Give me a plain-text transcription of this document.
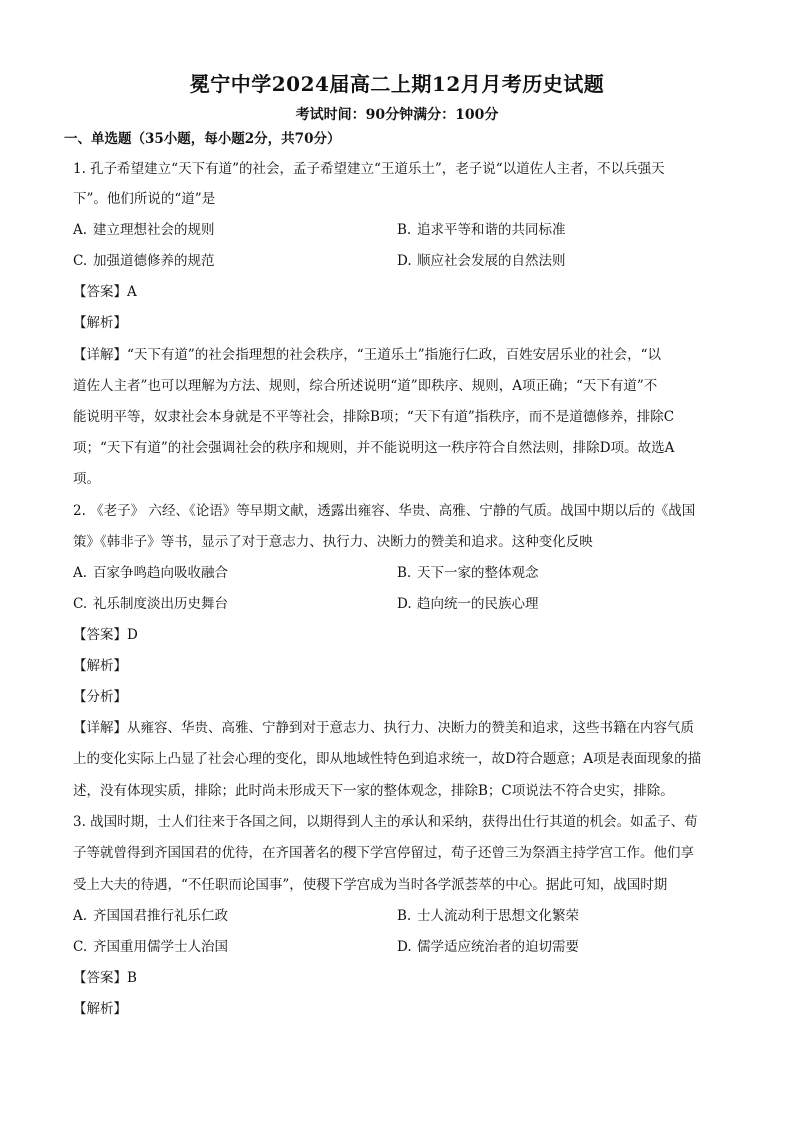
冕宁中学2024届高二上期12月月考历史试题
考试时间：90分钟满分：100分
一、单选题（35小题，每小题2分，共70分）
1. 孔子希望建立“天下有道”的社会，孟子希望建立“王道乐土”，老子说“以道佐人主者，不以兵强天
下”。他们所说的“道”是
A. 建立理想社会的规则	B. 追求平等和谐的共同标准
C. 加强道德修养的规范	D. 顺应社会发展的自然法则
【答案】A
【解析】
【详解】“天下有道”的社会指理想的社会秩序，“王道乐土”指施行仁政，百姓安居乐业的社会，“以
道佐人主者”也可以理解为方法、规则，综合所述说明“道”即秩序、规则，A项正确；“天下有道”不
能说明平等，奴隶社会本身就是不平等社会，排除B项；“天下有道”指秩序，而不是道德修养，排除C
项；“天下有道”的社会强调社会的秩序和规则，并不能说明这一秩序符合自然法则，排除D项。故选A
项。
2. 《老子》 六经、《论语》等早期文献，透露出雍容、华贵、高雅、宁静的气质。战国中期以后的《战国
策》《韩非子》等书，显示了对于意志力、执行力、决断力的赞美和追求。这种变化反映
A. 百家争鸣趋向吸收融合	B. 天下一家的整体观念
C. 礼乐制度淡出历史舞台	D. 趋向统一的民族心理
【答案】D
【解析】
【分析】
【详解】从雍容、华贵、高雅、宁静到对于意志力、执行力、决断力的赞美和追求，这些书籍在内容气质
上的变化实际上凸显了社会心理的变化，即从地域性特色到追求统一，故D符合题意；A项是表面现象的描
述，没有体现实质，排除；此时尚未形成天下一家的整体观念，排除B；C项说法不符合史实，排除。
3. 战国时期，士人们往来于各国之间，以期得到人主的承认和采纳，获得出仕行其道的机会。如孟子、荀
子等就曾得到齐国国君的优待，在齐国著名的稷下学宫停留过，荀子还曾三为祭酒主持学宫工作。他们享
受上大夫的待遇，“不任职而论国事”，使稷下学宫成为当时各学派荟萃的中心。据此可知，战国时期
A. 齐国国君推行礼乐仁政	B. 士人流动利于思想文化繁荣
C. 齐国重用儒学士人治国	D. 儒学适应统治者的迫切需要
【答案】B
【解析】
